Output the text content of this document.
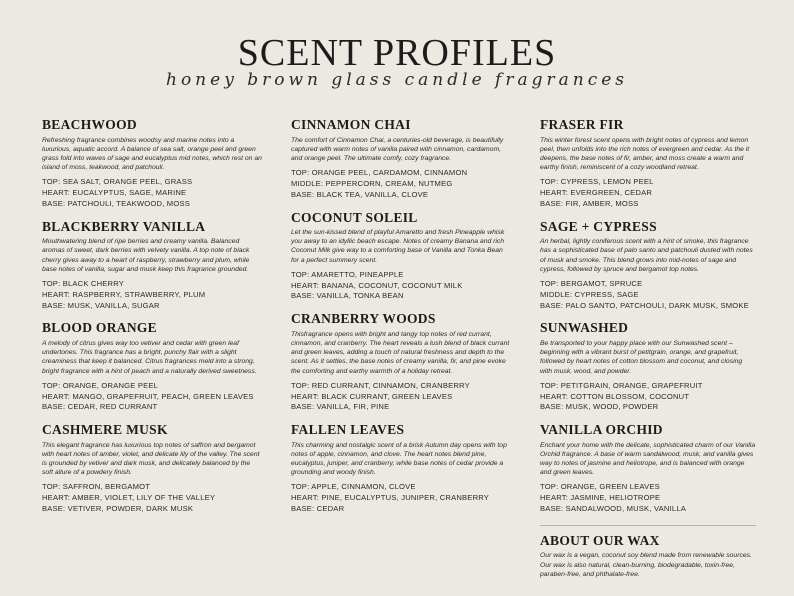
SCENT PROFILES
honey brown glass candle fragrances
BEACHWOOD
Refreshing fragrance combines woodsy and marine notes into a luxurious, aquatic accord. A balance of sea salt, orange peel and green grass fold into waves of sage and eucalyptus mid notes, which rest on an island of moss, teakwood, and patchouli.
TOP: SEA SALT, ORANGE PEEL, GRASS
HEART: EUCALYPTUS, SAGE, MARINE
BASE: PATCHOULI, TEAKWOOD, MOSS
BLACKBERRY VANILLA
Mouthwatering blend of ripe berries and creamy vanilla. Balanced aromas of sweet, dark berries with velvety vanilla. A top note of black cherry gives away to a heart of raspberry, strawberry and plum, while base notes of vanilla, sugar and musk keep this fragrance grounded.
TOP: BLACK CHERRY
HEART: RASPBERRY, STRAWBERRY, PLUM
BASE: MUSK, VANILLA, SUGAR
BLOOD ORANGE
A melody of citrus gives way too vetiver and cedar with green leaf undertones. This fragrance has a bright, punchy flair with a slight creaminess that keep it balanced. Citrus fragrances meld into a strong, bright fragrance with a hint of peach and a naturally derived sweetness.
TOP: ORANGE, ORANGE PEEL
HEART: MANGO, GRAPEFRUIT, PEACH, GREEN LEAVES
BASE: CEDAR, RED CURRANT
CASHMERE MUSK
This elegant fragrance has luxurious top notes of saffron and bergamot with heart notes of amber, violet, and delicate lily of the valley. The scent is grounded by vetiver and dark musk, and delicately balanced by the soft allure of a powdery finish.
TOP: SAFFRON, BERGAMOT
HEART: AMBER, VIOLET, LILY OF THE VALLEY
BASE: VETIVER, POWDER, DARK MUSK
CINNAMON CHAI
The comfort of Cinnamon Chai, a centuries-old beverage, is beautifully captured with warm notes of vanilla paired with cinnamon, cardamom, and orange peel. The ultimate comfy, cozy fragrance.
TOP: ORANGE PEEL, CARDAMOM, CINNAMON
MIDDLE: PEPPERCORN, CREAM, NUTMEG
BASE: BLACK TEA, VANILLA, CLOVE
COCONUT SOLEIL
Let the sun-kissed blend of playful Amaretto and fresh Pineapple whisk you away to an idyllic beach escape. Notes of creamy Banana and rich Coconut Milk give way to a comforting base of Vanilla and Tonka Bean for a perfect summery scent.
TOP: AMARETTO, PINEAPPLE
HEART: BANANA, COCONUT, COCONUT MILK
BASE: VANILLA, TONKA BEAN
CRANBERRY WOODS
Thisfragrance opens with bright and tangy top notes of red currant, cinnamon, and cranberry. The heart reveals a lush blend of black currant and green leaves, adding a touch of natural freshness and depth to the scent. As it settles, the base notes of creamy vanilla, fir, and pine evoke the comforting and earthy warmth of a holiday retreat.
TOP: RED CURRANT, CINNAMON, CRANBERRY
HEART: BLACK CURRANT, GREEN LEAVES
BASE: VANILLA, FIR, PINE
FALLEN LEAVES
This charming and nostalgic scent of a brisk Autumn day opens with top notes of apple, cinnamon, and clove. The heart notes blend pine, eucalyptus, juniper, and cranberry, while base notes of cedar provide a grounding and woody finish.
TOP: APPLE, CINNAMON, CLOVE
HEART: PINE, EUCALYPTUS, JUNIPER, CRANBERRY
BASE: CEDAR
FRASER FIR
This winter forest scent opens with bright notes of cypress and lemon peel, then unfolds into the rich notes of evergreen and cedar. As the it deepens, the base notes of fir, amber, and moss create a warm and earthy finish, reminiscent of a cozy woodland retreat.
TOP: CYPRESS, LEMON PEEL
HEART: EVERGREEN, CEDAR
BASE: FIR, AMBER, MOSS
SAGE + CYPRESS
An herbal, lightly coniferous scent with a hint of smoke, this fragrance has a sophisticated base of palo santo and patchouli dusted with notes of musk and smoke. This blend grows into mid-notes of sage and cypress, followed by spruce and bergamot top notes.
TOP: BERGAMOT, SPRUCE
MIDDLE: CYPRESS, SAGE
BASE: PALO SANTO, PATCHOULI, DARK MUSK, SMOKE
SUNWASHED
Be transported to your happy place with our Sunwashed scent – beginning with a vibrant burst of petitgrain, orange, and grapefruit, followed by heart notes of cotton blossom and coconut, and closing with musk, wood, and powder.
TOP: PETITGRAIN, ORANGE, GRAPEFRUIT
HEART: COTTON BLOSSOM, COCONUT
BASE: MUSK, WOOD, POWDER
VANILLA ORCHID
Enchant your home with the delicate, sophisticated charm of our Vanilla Orchid fragrance. A base of warm sandalwood, musk, and vanilla gives way to notes of jasmine and heliotrope, and is balanced with orange and green leaves.
TOP: ORANGE, GREEN LEAVES
HEART: JASMINE, HELIOTROPE
BASE: SANDALWOOD, MUSK, VANILLA
ABOUT OUR WAX
Our wax is a vegan, coconut soy blend made from renewable sources. Our wax is also natural, clean-burning, biodegradable, toxin-free, paraben-free, and phthalate-free.
